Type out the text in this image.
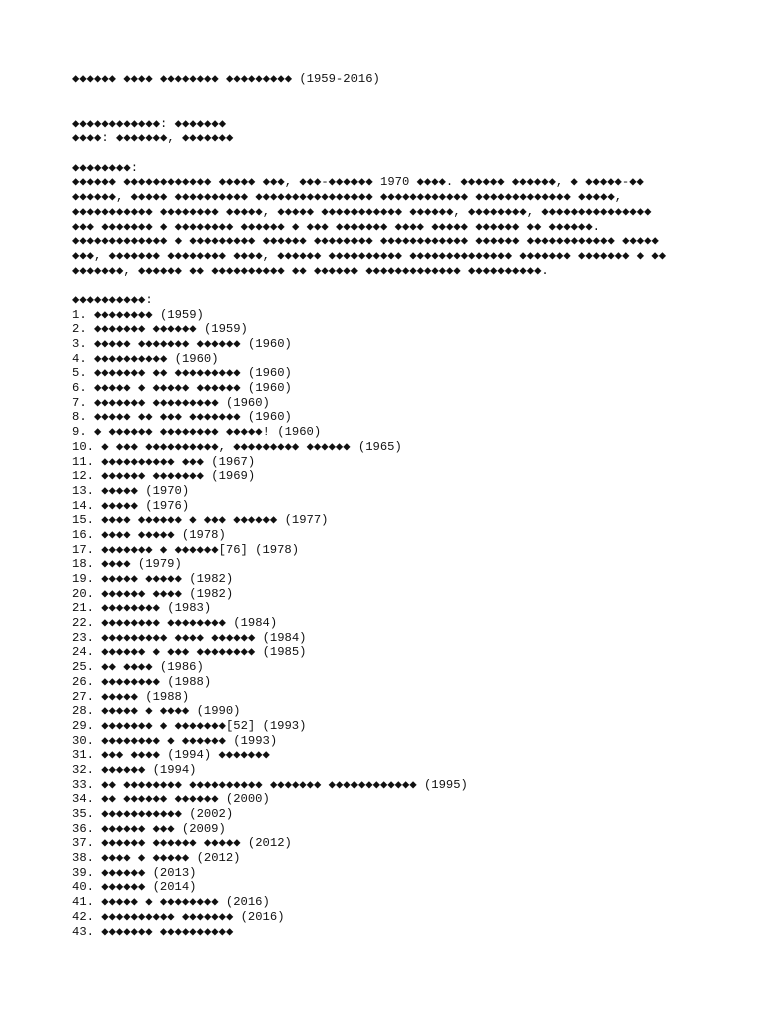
◆◆◆◆◆◆ ◆◆◆◆ ◆◆◆◆◆◆◆◆ ◆◆◆◆◆◆◆◆◆ (1959-2016)
◆◆◆◆◆◆◆◆◆◆◆◆: ◆◆◆◆◆◆◆
◆◆◆◆: ◆◆◆◆◆◆◆, ◆◆◆◆◆◆◆
◆◆◆◆◆◆◆◆:
◆◆◆◆◆◆ ◆◆◆◆◆◆◆◆◆◆◆◆ ◆◆◆◆◆ ◆◆◆, ◆◆◆-◆◆◆◆◆◆ 1970 ◆◆◆◆. ◆◆◆◆◆◆ ◆◆◆◆◆◆, ◆ ◆◆◆◆◆-◆◆
◆◆◆◆◆◆, ◆◆◆◆◆ ◆◆◆◆◆◆◆◆◆◆ ◆◆◆◆◆◆◆◆◆◆◆◆◆◆◆◆ ◆◆◆◆◆◆◆◆◆◆◆◆ ◆◆◆◆◆◆◆◆◆◆◆◆◆ ◆◆◆◆◆,
◆◆◆◆◆◆◆◆◆◆◆ ◆◆◆◆◆◆◆◆ ◆◆◆◆◆, ◆◆◆◆◆ ◆◆◆◆◆◆◆◆◆◆◆ ◆◆◆◆◆◆, ◆◆◆◆◆◆◆◆, ◆◆◆◆◆◆◆◆◆◆◆◆◆◆◆
◆◆◆ ◆◆◆◆◆◆◆ ◆ ◆◆◆◆◆◆◆◆ ◆◆◆◆◆◆ ◆ ◆◆◆ ◆◆◆◆◆◆◆ ◆◆◆◆ ◆◆◆◆◆ ◆◆◆◆◆◆ ◆◆ ◆◆◆◆◆◆.
◆◆◆◆◆◆◆◆◆◆◆◆◆ ◆ ◆◆◆◆◆◆◆◆◆ ◆◆◆◆◆◆ ◆◆◆◆◆◆◆◆ ◆◆◆◆◆◆◆◆◆◆◆◆ ◆◆◆◆◆◆ ◆◆◆◆◆◆◆◆◆◆◆◆ ◆◆◆◆◆
◆◆◆, ◆◆◆◆◆◆◆ ◆◆◆◆◆◆◆◆ ◆◆◆◆, ◆◆◆◆◆◆ ◆◆◆◆◆◆◆◆◆◆ ◆◆◆◆◆◆◆◆◆◆◆◆◆◆ ◆◆◆◆◆◆◆ ◆◆◆◆◆◆◆ ◆ ◆◆
◆◆◆◆◆◆◆, ◆◆◆◆◆◆ ◆◆ ◆◆◆◆◆◆◆◆◆◆ ◆◆ ◆◆◆◆◆◆ ◆◆◆◆◆◆◆◆◆◆◆◆◆ ◆◆◆◆◆◆◆◆◆◆.
◆◆◆◆◆◆◆◆◆◆:
1. ◆◆◆◆◆◆◆◆ (1959)
2. ◆◆◆◆◆◆◆ ◆◆◆◆◆◆ (1959)
3. ◆◆◆◆◆ ◆◆◆◆◆◆◆ ◆◆◆◆◆◆ (1960)
4. ◆◆◆◆◆◆◆◆◆◆ (1960)
5. ◆◆◆◆◆◆◆ ◆◆ ◆◆◆◆◆◆◆◆◆ (1960)
6. ◆◆◆◆◆ ◆ ◆◆◆◆◆ ◆◆◆◆◆◆ (1960)
7. ◆◆◆◆◆◆◆ ◆◆◆◆◆◆◆◆◆ (1960)
8. ◆◆◆◆◆ ◆◆ ◆◆◆ ◆◆◆◆◆◆◆ (1960)
9. ◆ ◆◆◆◆◆◆ ◆◆◆◆◆◆◆◆ ◆◆◆◆◆! (1960)
10. ◆ ◆◆◆ ◆◆◆◆◆◆◆◆◆◆, ◆◆◆◆◆◆◆◆◆ ◆◆◆◆◆◆ (1965)
11. ◆◆◆◆◆◆◆◆◆◆ ◆◆◆ (1967)
12. ◆◆◆◆◆◆ ◆◆◆◆◆◆◆ (1969)
13. ◆◆◆◆◆ (1970)
14. ◆◆◆◆◆ (1976)
15. ◆◆◆◆ ◆◆◆◆◆◆ ◆ ◆◆◆ ◆◆◆◆◆◆ (1977)
16. ◆◆◆◆ ◆◆◆◆◆ (1978)
17. ◆◆◆◆◆◆◆ ◆ ◆◆◆◆◆◆[76] (1978)
18. ◆◆◆◆ (1979)
19. ◆◆◆◆◆ ◆◆◆◆◆ (1982)
20. ◆◆◆◆◆◆ ◆◆◆◆ (1982)
21. ◆◆◆◆◆◆◆◆ (1983)
22. ◆◆◆◆◆◆◆◆ ◆◆◆◆◆◆◆◆ (1984)
23. ◆◆◆◆◆◆◆◆◆ ◆◆◆◆ ◆◆◆◆◆◆ (1984)
24. ◆◆◆◆◆◆ ◆ ◆◆◆ ◆◆◆◆◆◆◆◆ (1985)
25. ◆◆ ◆◆◆◆ (1986)
26. ◆◆◆◆◆◆◆◆ (1988)
27. ◆◆◆◆◆ (1988)
28. ◆◆◆◆◆ ◆ ◆◆◆◆ (1990)
29. ◆◆◆◆◆◆◆ ◆ ◆◆◆◆◆◆◆[52] (1993)
30. ◆◆◆◆◆◆◆◆ ◆ ◆◆◆◆◆◆ (1993)
31. ◆◆◆ ◆◆◆◆ (1994) ◆◆◆◆◆◆◆
32. ◆◆◆◆◆◆ (1994)
33. ◆◆ ◆◆◆◆◆◆◆◆ ◆◆◆◆◆◆◆◆◆◆ ◆◆◆◆◆◆◆ ◆◆◆◆◆◆◆◆◆◆◆◆ (1995)
34. ◆◆ ◆◆◆◆◆◆ ◆◆◆◆◆◆ (2000)
35. ◆◆◆◆◆◆◆◆◆◆◆ (2002)
36. ◆◆◆◆◆◆ ◆◆◆ (2009)
37. ◆◆◆◆◆◆ ◆◆◆◆◆◆ ◆◆◆◆◆ (2012)
38. ◆◆◆◆ ◆ ◆◆◆◆◆ (2012)
39. ◆◆◆◆◆◆ (2013)
40. ◆◆◆◆◆◆ (2014)
41. ◆◆◆◆◆ ◆ ◆◆◆◆◆◆◆◆ (2016)
42. ◆◆◆◆◆◆◆◆◆◆ ◆◆◆◆◆◆◆ (2016)
43. ◆◆◆◆◆◆◆ ◆◆◆◆◆◆◆◆◆◆
